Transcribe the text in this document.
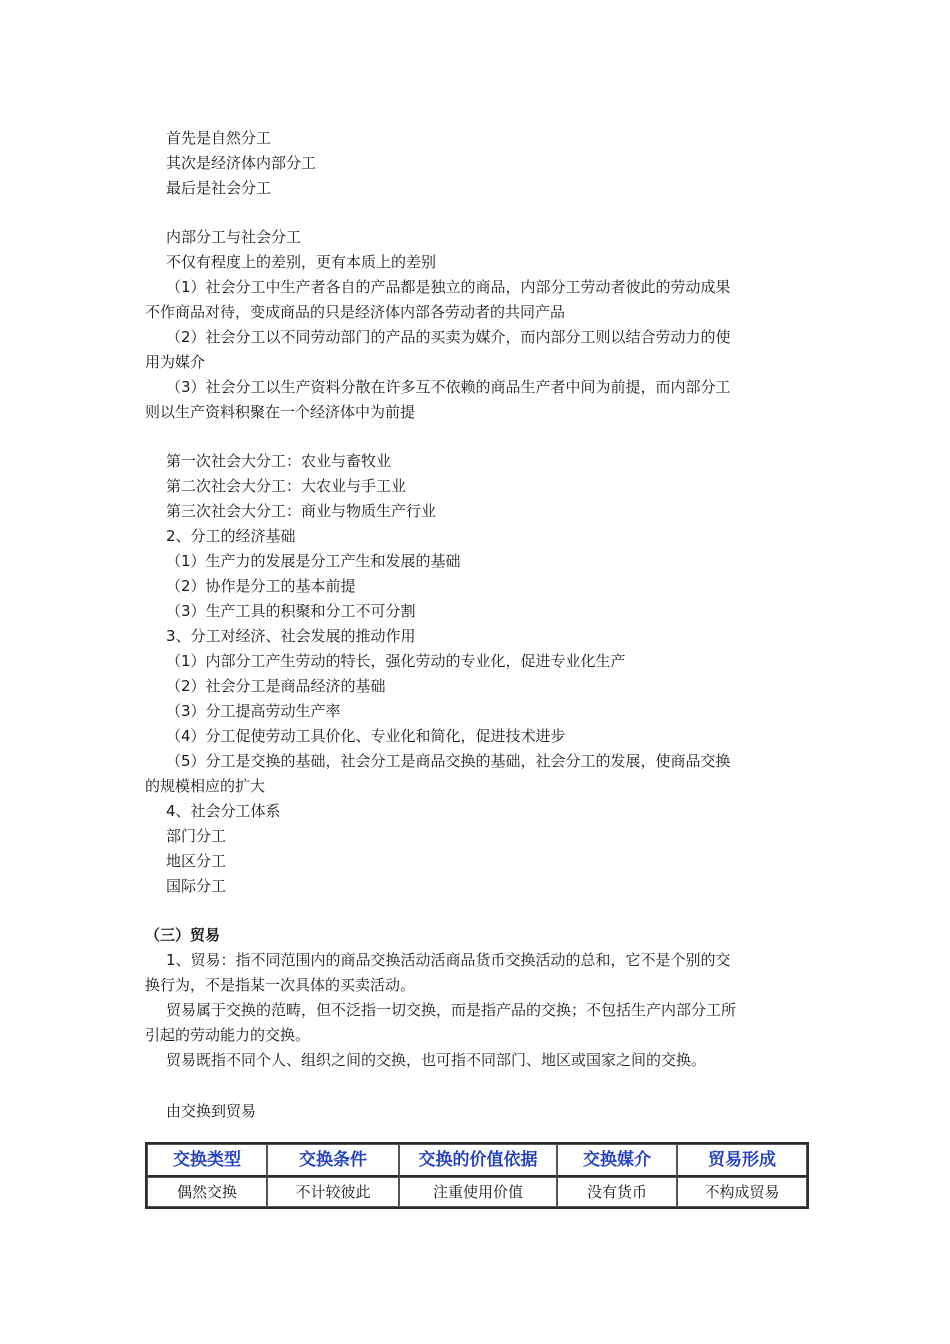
首先是自然分工

其次是经济体内部分工

最后是社会分工

内部分工与社会分工

不仅有程度上的差别，更有本质上的差别

（1）社会分工中生产者各自的产品都是独立的商品，内部分工劳动者彼此的劳动成果

不作商品对待，变成商品的只是经济体内部各劳动者的共同产品

（2）社会分工以不同劳动部门的产品的买卖为媒介，而内部分工则以结合劳动力的使

用为媒介

（3）社会分工以生产资料分散在许多互不依赖的商品生产者中间为前提，而内部分工

则以生产资料积聚在一个经济体中为前提

第一次社会大分工：农业与畜牧业

第二次社会大分工：大农业与手工业

第三次社会大分工：商业与物质生产行业

2、分工的经济基础

（1）生产力的发展是分工产生和发展的基础

（2）协作是分工的基本前提

（3）生产工具的积聚和分工不可分割

3、分工对经济、社会发展的推动作用

（1）内部分工产生劳动的特长，强化劳动的专业化，促进专业化生产

（2）社会分工是商品经济的基础

（3）分工提高劳动生产率

（4）分工促使劳动工具价化、专业化和简化，促进技术进步

（5）分工是交换的基础，社会分工是商品交换的基础，社会分工的发展，使商品交换

的规模相应的扩大

4、社会分工体系

部门分工

地区分工

国际分工

（三）贸易

1、贸易：指不同范围内的商品交换活动活商品货币交换活动的总和，它不是个别的交

换行为，不是指某一次具体的买卖活动。

贸易属于交换的范畴，但不泛指一切交换，而是指产品的交换；不包括生产内部分工所

引起的劳动能力的交换。

贸易既指不同个人、组织之间的交换，也可指不同部门、地区或国家之间的交换。

由交换到贸易

交换类型	交换条件	交换的价值依据	交换媒介	贸易形成
偶然交换	不计较彼此	注重使用价值	没有货币	不构成贸易
